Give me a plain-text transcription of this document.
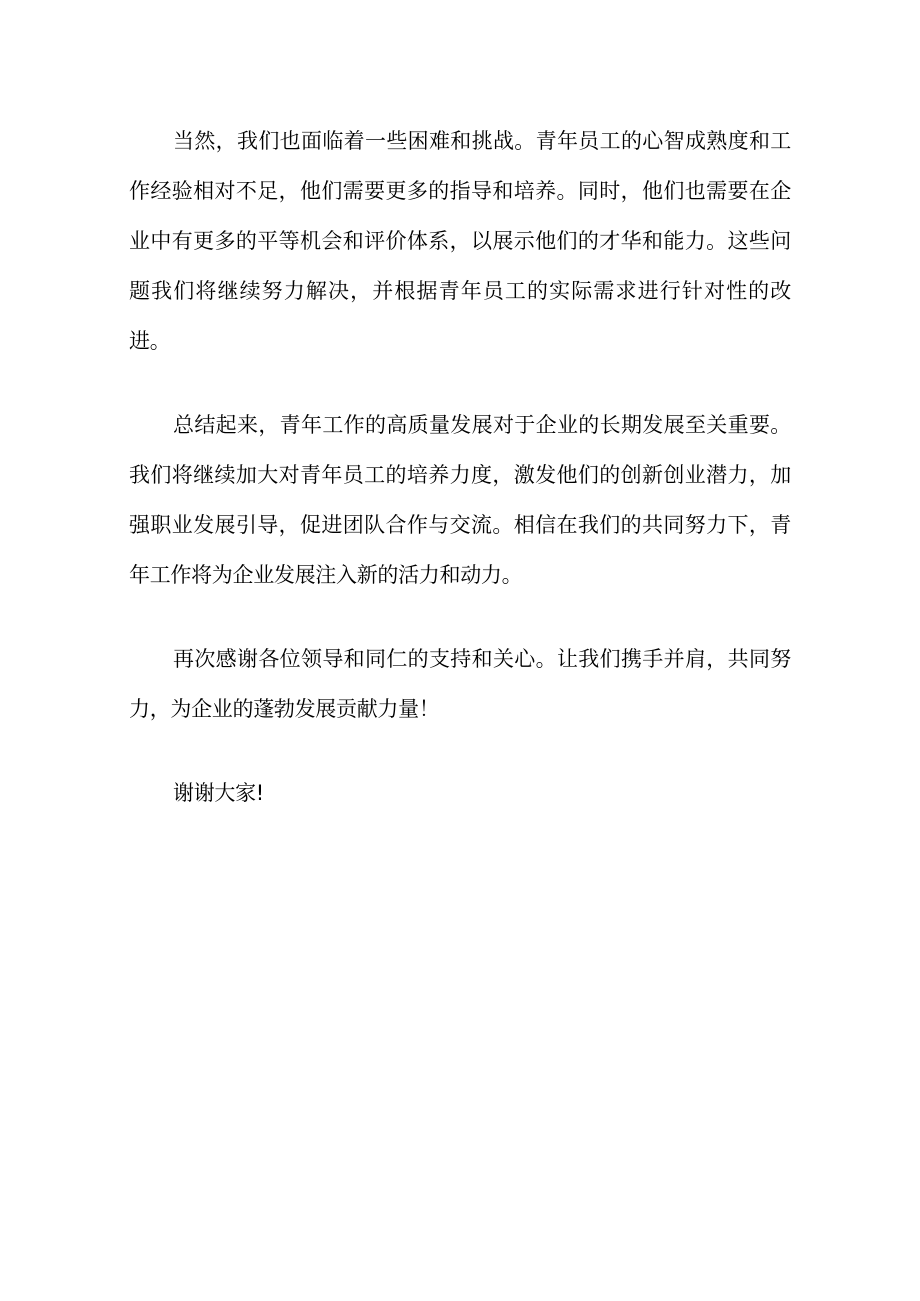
当然，我们也面临着一些困难和挑战。青年员工的心智成熟度和工作经验相对不足，他们需要更多的指导和培养。同时，他们也需要在企业中有更多的平等机会和评价体系，以展示他们的才华和能力。这些问题我们将继续努力解决，并根据青年员工的实际需求进行针对性的改进。

总结起来，青年工作的高质量发展对于企业的长期发展至关重要。我们将继续加大对青年员工的培养力度，激发他们的创新创业潜力，加强职业发展引导，促进团队合作与交流。相信在我们的共同努力下，青年工作将为企业发展注入新的活力和动力。

再次感谢各位领导和同仁的支持和关心。让我们携手并肩，共同努力，为企业的蓬勃发展贡献力量！

谢谢大家!
